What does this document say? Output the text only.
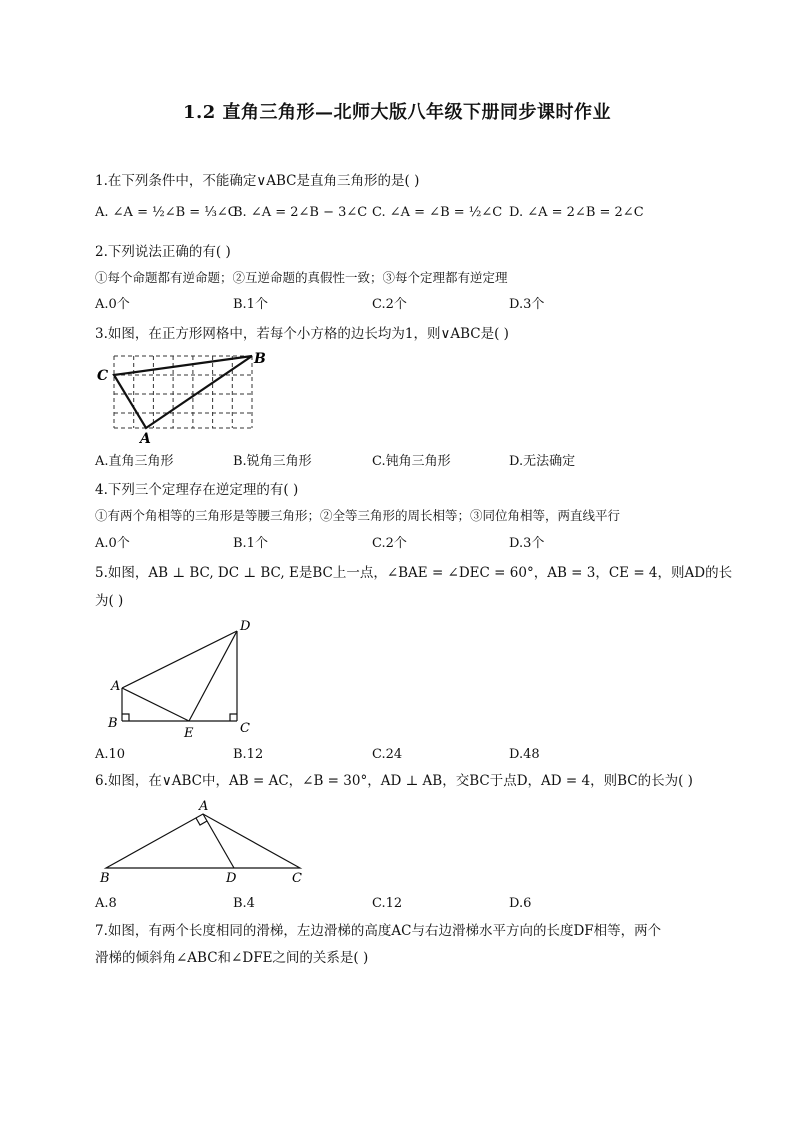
1.2 直角三角形—北师大版八年级下册同步课时作业
1.在下列条件中，不能确定∨ABC是直角三角形的是( )
A. ∠A = ½∠B = ⅓∠C
B. ∠A = 2∠B − 3∠C C. ∠A = ∠B = ½∠C D. ∠A = 2∠B = 2∠C
2.下列说法正确的有( )
①每个命题都有逆命题；②互逆命题的真假性一致；③每个定理都有逆定理
A.0个	B.1个	C.2个	D.3个
3.如图，在正方形网格中，若每个小方格的边长均为1，则∨ABC是( )
C
B
A
A.直角三角形	B.锐角三角形	C.钝角三角形	D.无法确定
4.下列三个定理存在逆定理的有( )
①有两个角相等的三角形是等腰三角形；②全等三角形的周长相等；③同位角相等，两直线平行
A.0个	B.1个	C.2个	D.3个
5.如图，AB ⊥ BC, DC ⊥ BC, E是BC上一点，∠BAE = ∠DEC = 60°，AB = 3，CE = 4，则AD的长
为( )
A
B	C
D
E
A.10	B.12	C.24	D.48
6.如图，在∨ABC中，AB = AC，∠B = 30°，AD ⊥ AB，交BC于点D，AD = 4，则BC的长为( )
A
B	D	C
A.8	B.4	C.12	D.6
7.如图，有两个长度相同的滑梯，左边滑梯的高度AC与右边滑梯水平方向的长度DF相等，两个
滑梯的倾斜角∠ABC和∠DFE之间的关系是( )
